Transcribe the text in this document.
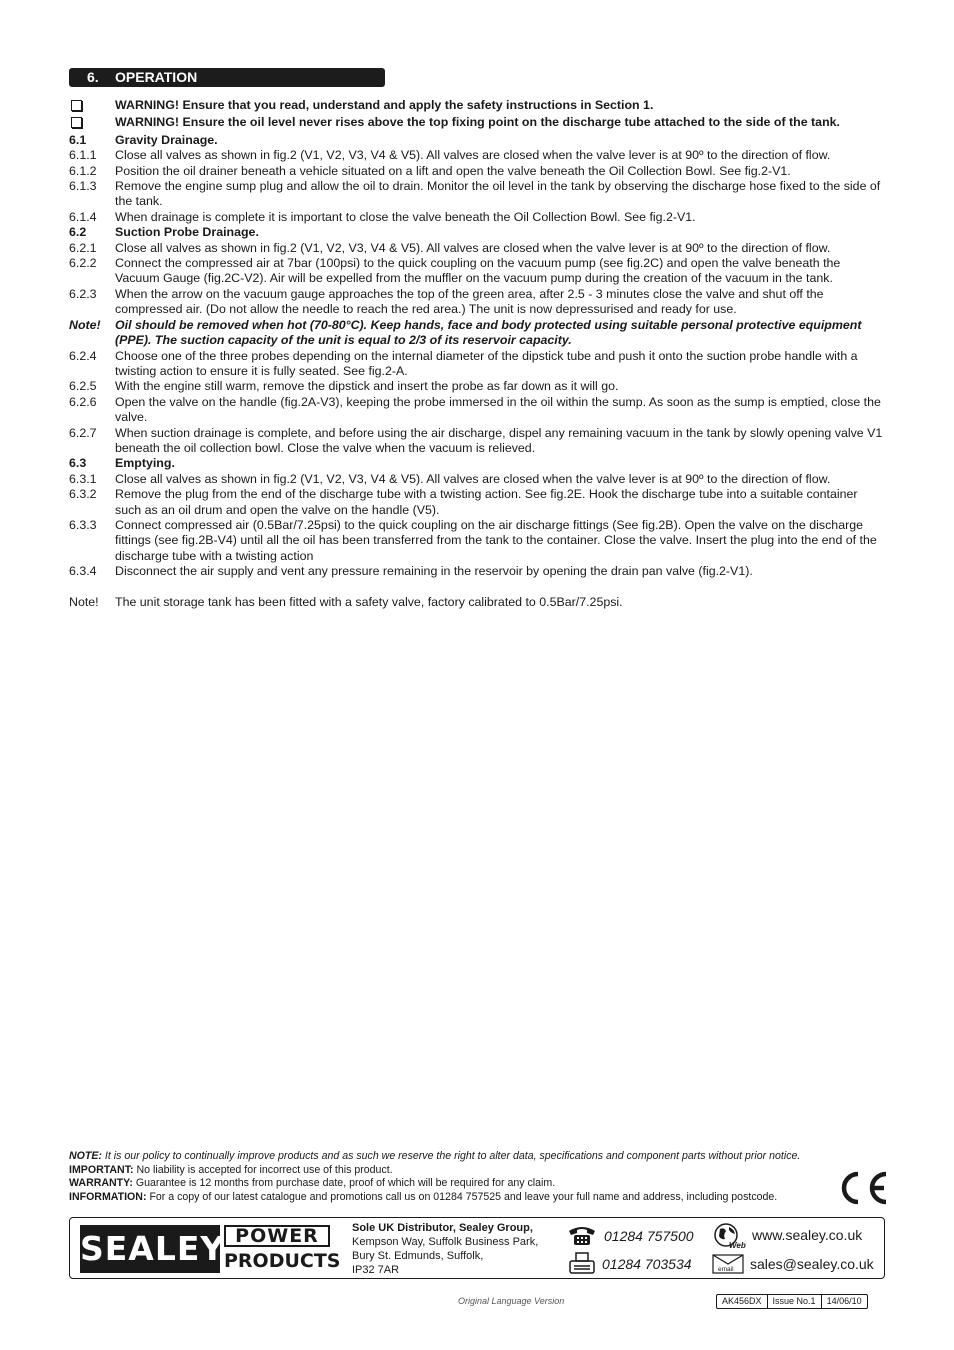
6. OPERATION
WARNING! Ensure that you read, understand and apply the safety instructions in Section 1.
WARNING! Ensure the oil level never rises above the top fixing point on the discharge tube attached to the side of the tank.
6.1	Gravity Drainage.
6.1.1	Close all valves as shown in fig.2 (V1, V2, V3, V4 & V5). All valves are closed when the valve lever is at 90º to the direction of flow.
6.1.2	Position the oil drainer beneath a vehicle situated on a lift and open the valve beneath the Oil Collection Bowl. See fig.2-V1.
6.1.3	Remove the engine sump plug and allow the oil to drain. Monitor the oil level in the tank by observing the discharge hose fixed to the side of the tank.
6.1.4	When drainage is complete it is important to close the valve beneath the Oil Collection Bowl. See fig.2-V1.
6.2	Suction Probe Drainage.
6.2.1	Close all valves as shown in fig.2 (V1, V2, V3, V4 & V5). All valves are closed when the valve lever is at 90º to the direction of flow.
6.2.2	Connect the compressed air at 7bar (100psi) to the quick coupling on the vacuum pump (see fig.2C) and open the valve beneath the Vacuum Gauge (fig.2C-V2). Air will be expelled from the muffler on the vacuum pump during the creation of the vacuum in the tank.
6.2.3	When the arrow on the vacuum gauge approaches the top of the green area, after 2.5 - 3 minutes close the valve and shut off the compressed air. (Do not allow the needle to reach the red area.) The unit is now depressurised and ready for use.
Note!	Oil should be removed when hot (70-80°C). Keep hands, face and body protected using suitable personal protective equipment (PPE). The suction capacity of the unit is equal to 2/3 of its reservoir capacity.
6.2.4	Choose one of the three probes depending on the internal diameter of the dipstick tube and push it onto the suction probe handle with a twisting action to ensure it is fully seated. See fig.2-A.
6.2.5	With the engine still warm, remove the dipstick and insert the probe as far down as it will go.
6.2.6	Open the valve on the handle (fig.2A-V3), keeping the probe immersed in the oil within the sump. As soon as the sump is emptied, close the valve.
6.2.7	When suction drainage is complete, and before using the air discharge, dispel any remaining vacuum in the tank by slowly opening valve V1 beneath the oil collection bowl. Close the valve when the vacuum is relieved.
6.3	Emptying.
6.3.1	Close all valves as shown in fig.2 (V1, V2, V3, V4 & V5). All valves are closed when the valve lever is at 90º to the direction of flow.
6.3.2	Remove the plug from the end of the discharge tube with a twisting action. See fig.2E. Hook the discharge tube into a suitable container such as an oil drum and open the valve on the handle (V5).
6.3.3	Connect compressed air (0.5Bar/7.25psi) to the quick coupling on the air discharge fittings (See fig.2B). Open the valve on the discharge fittings (see fig.2B-V4) until all the oil has been transferred from the tank to the container. Close the valve. Insert the plug into the end of the discharge tube with a twisting action
6.3.4	Disconnect the air supply and vent any pressure remaining in the reservoir by opening the drain pan valve (fig.2-V1).
Note!	The unit storage tank has been fitted with a safety valve, factory calibrated to 0.5Bar/7.25psi.
NOTE: It is our policy to continually improve products and as such we reserve the right to alter data, specifications and component parts without prior notice.
IMPORTANT: No liability is accepted for incorrect use of this product.
WARRANTY: Guarantee is 12 months from purchase date, proof of which will be required for any claim.
INFORMATION: For a copy of our latest catalogue and promotions call us on 01284 757525 and leave your full name and address, including postcode.
SEALEY POWER
PRODUCTS
Sole UK Distributor, Sealey Group,
Kempson Way, Suffolk Business Park,
Bury St. Edmunds, Suffolk,
IP32 7AR
01284 757500
01284 703534
Web
www.sealey.co.uk
email sales@sealey.co.uk
Original Language Version	AK456DX	Issue No.1	14/06/10
